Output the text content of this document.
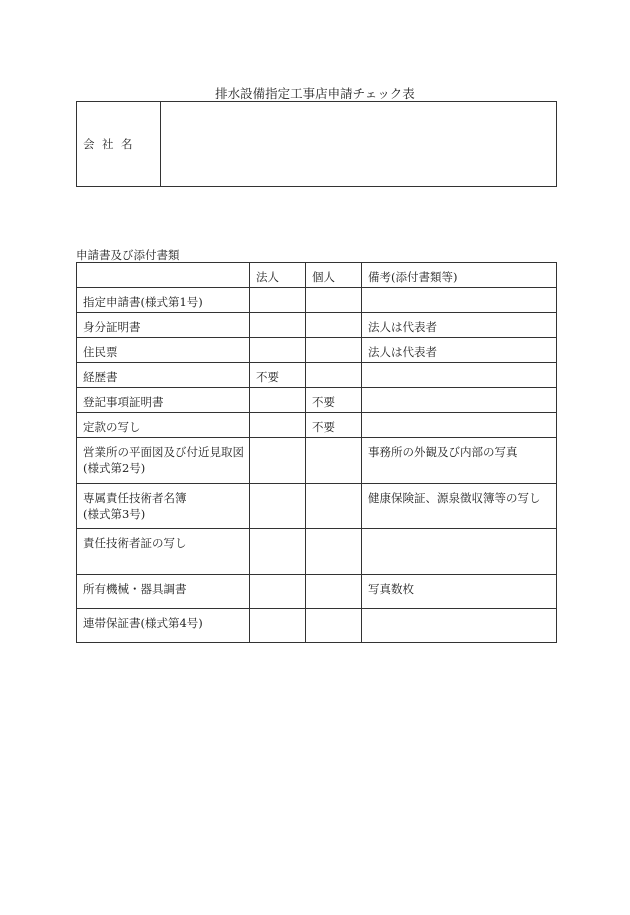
排水設備指定工事店申請チェック表
会 社 名	
申請書及び添付書類
	法人	個人	備考(添付書類等)
指定申請書(様式第1号)			
身分証明書			法人は代表者
住民票			法人は代表者
経歴書	不要		
登記事項証明書		不要	
定款の写し		不要	
営業所の平面図及び付近見取図(様式第2号)			事務所の外観及び内部の写真
専属責任技術者名簿
(様式第3号)			健康保険証、源泉徴収簿等の写し
責任技術者証の写し			
所有機械・器具調書			写真数枚
連帯保証書(様式第4号)			
